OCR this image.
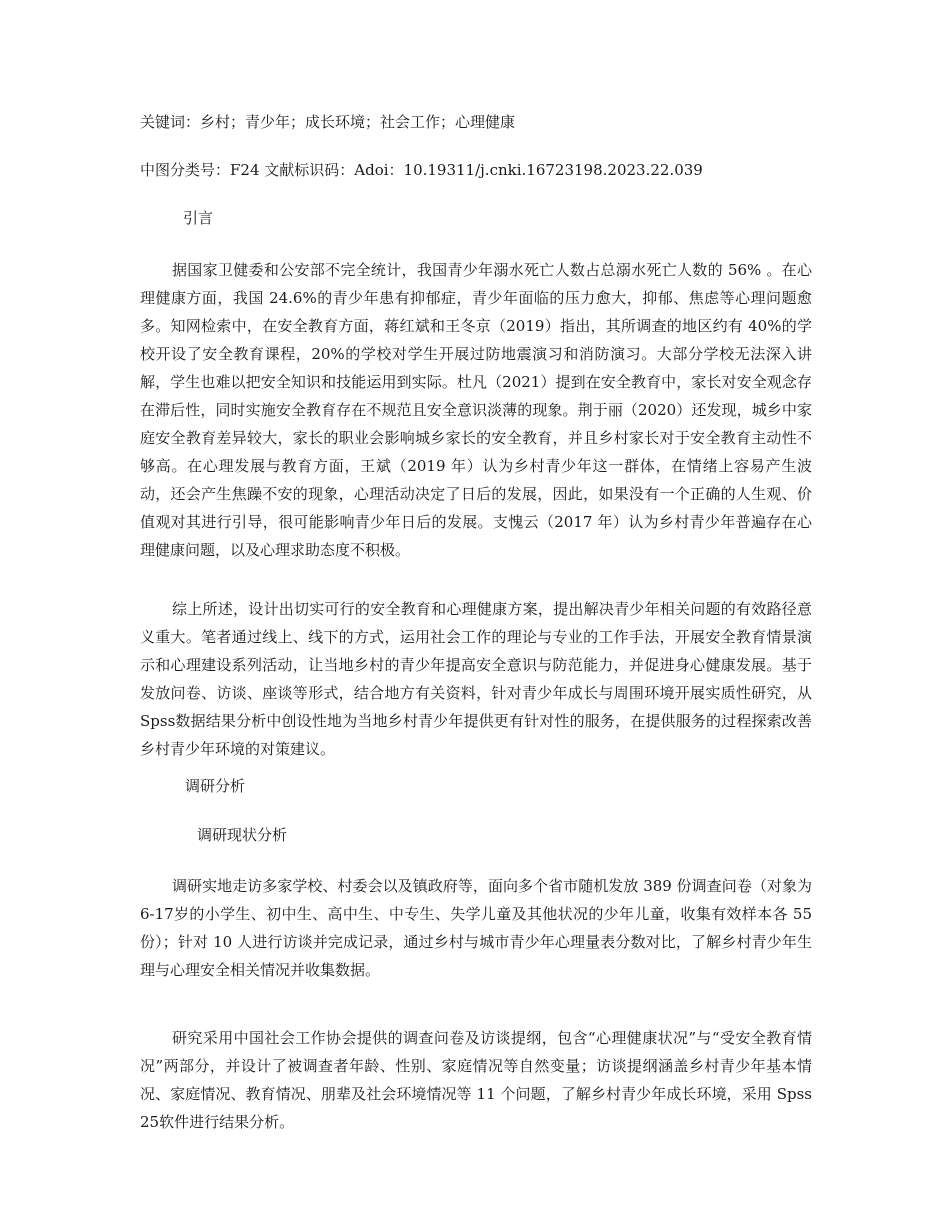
关键词：乡村；青少年；成长环境；社会工作；心理健康
中图分类号：F24 文献标识码：Adoi：10.19311/j.cnki.16723198.2023.22.039
引言
据国家卫健委和公安部不完全统计，我国青少年溺水死亡人数占总溺水死亡人数的 56% 。在心理健康方面，我国 24.6%的青少年患有抑郁症，青少年面临的压力愈大，抑郁、焦虑等心理问题愈多。知网检索中，在安全教育方面，蒋红斌和王冬京（2019）指出，其所调查的地区约有 40%的学校开设了安全教育课程，20%的学校对学生开展过防地震演习和消防演习。大部分学校无法深入讲解，学生也难以把安全知识和技能运用到实际。杜凡（2021）提到在安全教育中，家长对安全观念存在滞后性，同时实施安全教育存在不规范且安全意识淡薄的现象。荆于丽（2020）还发现，城乡中家庭安全教育差异较大，家长的职业会影响城乡家长的安全教育，并且乡村家长对于安全教育主动性不够高。在心理发展与教育方面，王斌（2019 年）认为乡村青少年这一群体，在情绪上容易产生波动，还会产生焦躁不安的现象，心理活动决定了日后的发展，因此，如果没有一个正确的人生观、价值观对其进行引导，很可能影响青少年日后的发展。支愧云（2017 年）认为乡村青少年普遍存在心理健康问题，以及心理求助态度不积极。
综上所述，设计出切实可行的安全教育和心理健康方案，提出解决青少年相关问题的有效路径意义重大。笔者通过线上、线下的方式，运用社会工作的理论与专业的工作手法，开展安全教育情景演示和心理建设系列活动，让当地乡村的青少年提高安全意识与防范能力，并促进身心健康发展。基于发放问卷、访谈、座谈等形式，结合地方有关资料，针对青少年成长与周围环境开展实质性研究，从 Spss数据结果分析中创设性地为当地乡村青少年提供更有针对性的服务，在提供服务的过程探索改善乡村青少年环境的对策建议。
调研分析
调研现状分析
调研实地走访多家学校、村委会以及镇政府等，面向多个省市随机发放 389 份调查问卷（对象为 6-17岁的小学生、初中生、高中生、中专生、失学儿童及其他状况的少年儿童，收集有效样本各 55 份）；针对 10 人进行访谈并完成记录，通过乡村与城市青少年心理量表分数对比，了解乡村青少年生理与心理安全相关情况并收集数据。
研究采用中国社会工作协会提供的调查问卷及访谈提纲，包含“心理健康状况”与“受安全教育情况”两部分，并设计了被调查者年龄、性别、家庭情况等自然变量；访谈提纲涵盖乡村青少年基本情况、家庭情况、教育情况、朋辈及社会环境情况等 11 个问题，了解乡村青少年成长环境，采用 Spss25软件进行结果分析。
